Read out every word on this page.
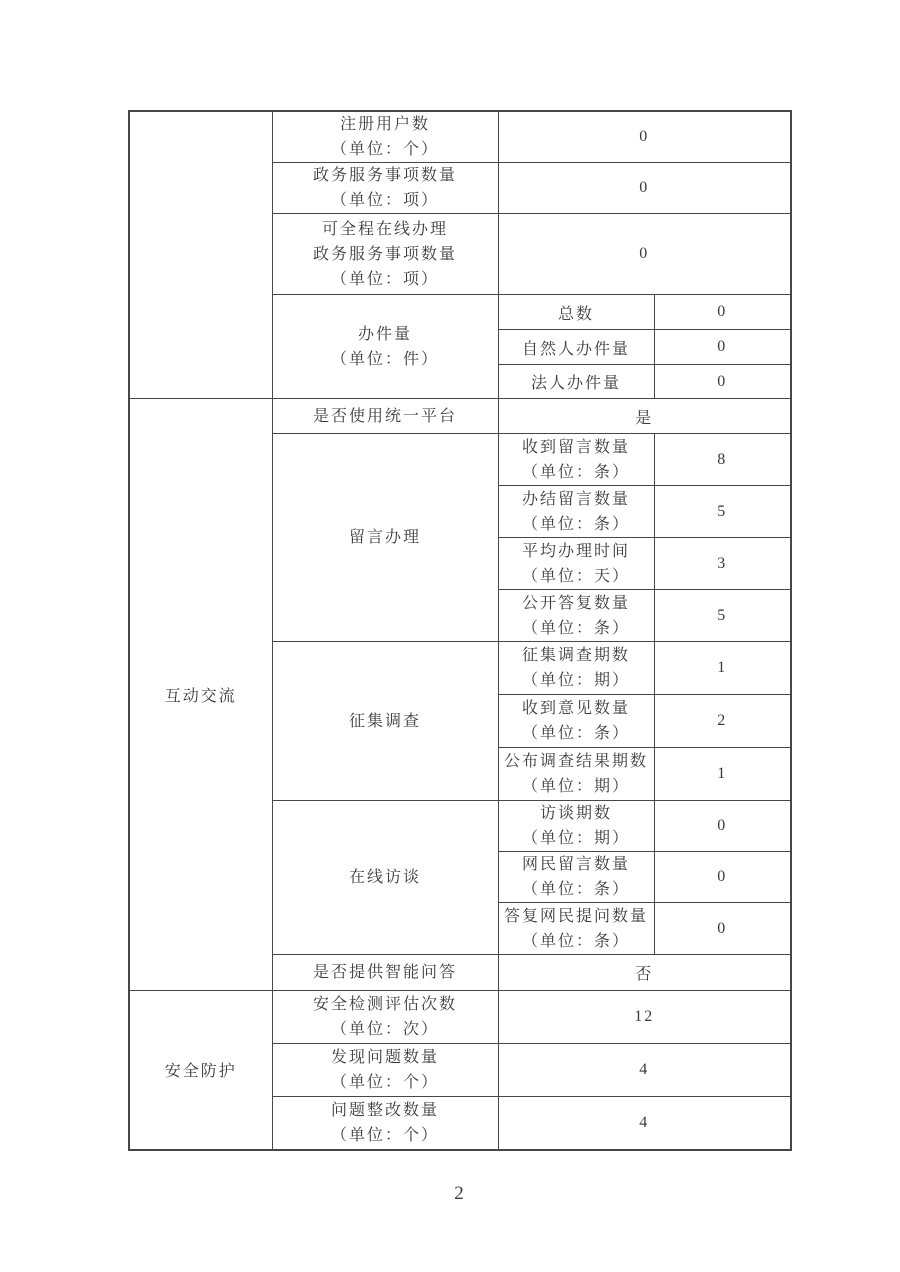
	注册用户数
（单位：个）	0	

	政务服务事项数量
（单位：项）	0	

	可全程在线办理
政务服务事项数量
（单位：项）	0	

	办件量
（单位：件）	总数	0
		自然人办件量	0
		法人办件量	0
互动交流	是否使用统一平台	是	

	留言办理	收到留言数量
（单位：条）	8

		办结留言数量
（单位：条）	5

		平均办理时间
（单位：天）	3

		公开答复数量
（单位：条）	5

	征集调查	征集调查期数
（单位：期）	1

		收到意见数量
（单位：条）	2

		公布调查结果期数
（单位：期）	1

	在线访谈	访谈期数
（单位：期）	0

		网民留言数量
（单位：条）	0

		答复网民提问数量
（单位：条）	0

	是否提供智能问答	否	
安全防护	安全检测评估次数
（单位：次）	12	

	发现问题数量
（单位：个）	4	

	问题整改数量
（单位：个）	4	
2
